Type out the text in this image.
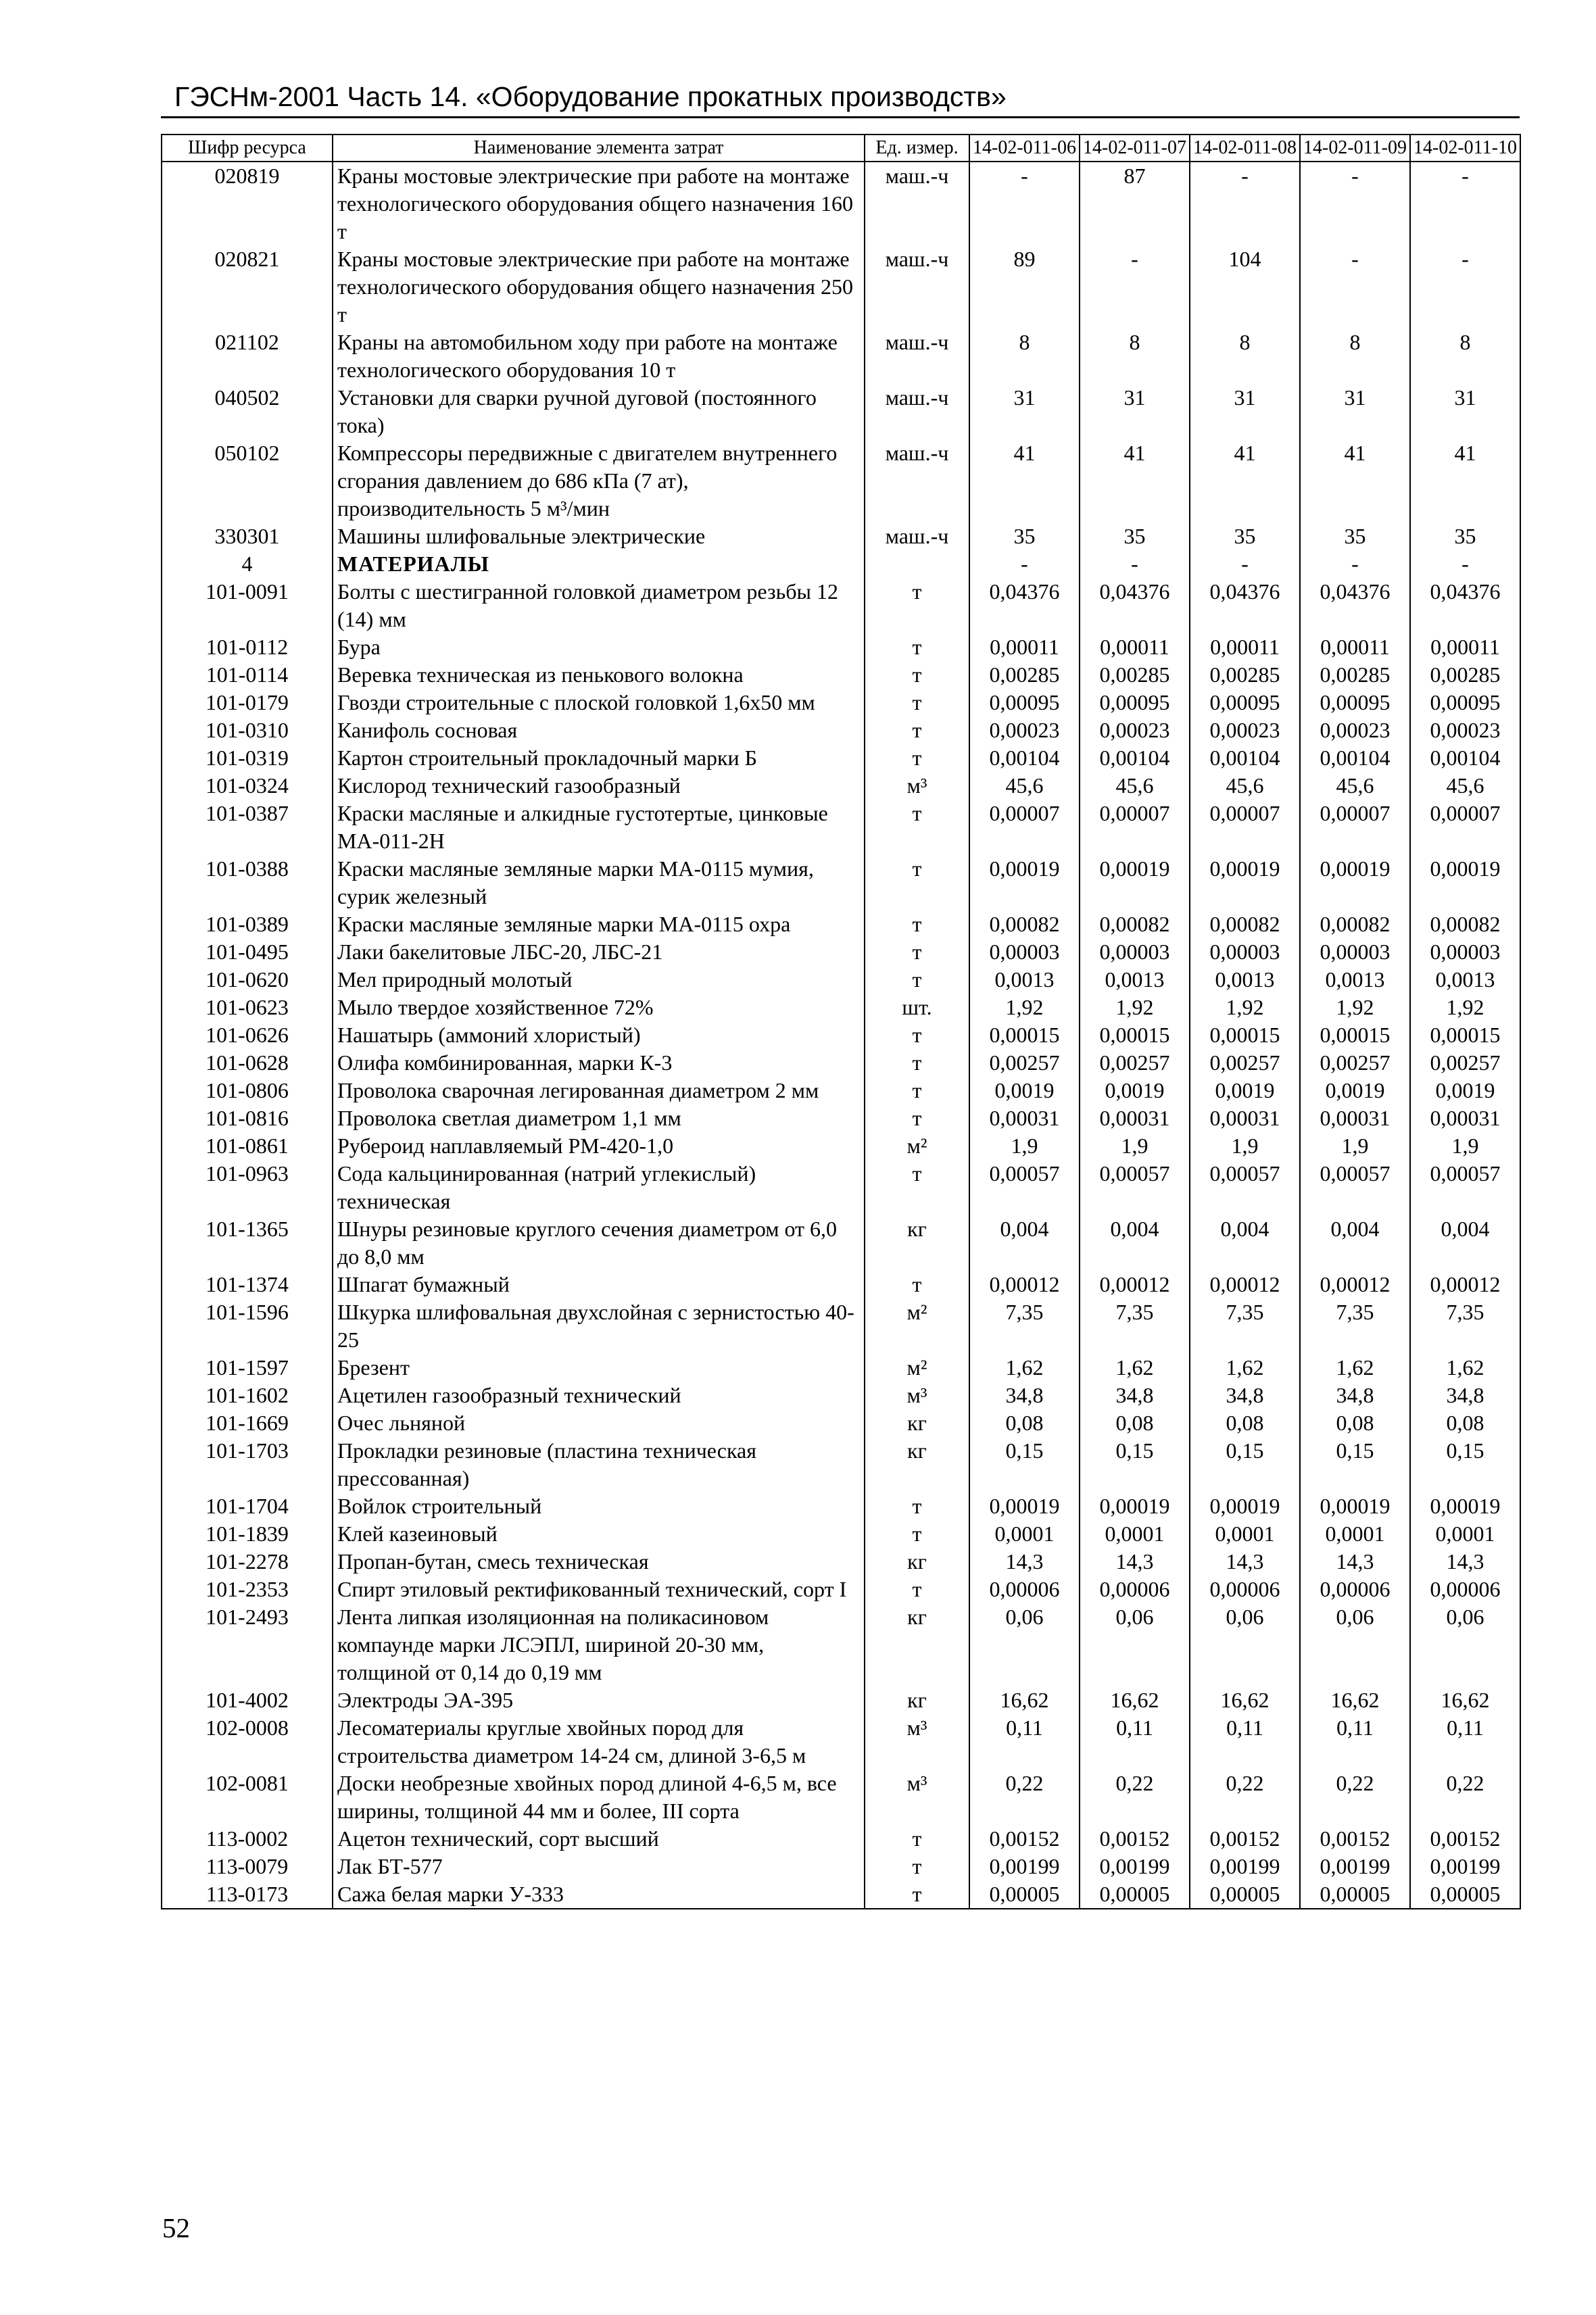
ГЭСНм-2001 Часть 14. «Оборудование прокатных производств»
Шифр ресурса	Наименование элемента затрат	Ед. измер.	14-02-011-06	14-02-011-07	14-02-011-08	14-02-011-09	14-02-011-10
020819	Краны мостовые электрические при работе на монтаже технологического оборудования общего назначения 160 т	маш.-ч	-	87	-	-	-
020821	Краны мостовые электрические при работе на монтаже технологического оборудования общего назначения 250 т	маш.-ч	89	-	104	-	-
021102	Краны на автомобильном ходу при работе на монтаже технологического оборудования 10 т	маш.-ч	8	8	8	8	8
040502	Установки для сварки ручной дуговой (постоянного тока)	маш.-ч	31	31	31	31	31
050102	Компрессоры передвижные с двигателем внутреннего сгорания давлением до 686 кПа (7 ат), производительность 5 м³/мин	маш.-ч	41	41	41	41	41
330301	Машины шлифовальные электрические	маш.-ч	35	35	35	35	35
4	МАТЕРИАЛЫ		-	-	-	-	-
101-0091	Болты с шестигранной головкой диаметром резьбы 12 (14) мм	т	0,04376	0,04376	0,04376	0,04376	0,04376
101-0112	Бура	т	0,00011	0,00011	0,00011	0,00011	0,00011
101-0114	Веревка техническая из пенькового волокна	т	0,00285	0,00285	0,00285	0,00285	0,00285
101-0179	Гвозди строительные с плоской головкой 1,6х50 мм	т	0,00095	0,00095	0,00095	0,00095	0,00095
101-0310	Канифоль сосновая	т	0,00023	0,00023	0,00023	0,00023	0,00023
101-0319	Картон строительный прокладочный марки Б	т	0,00104	0,00104	0,00104	0,00104	0,00104
101-0324	Кислород технический газообразный	м³	45,6	45,6	45,6	45,6	45,6
101-0387	Краски масляные и алкидные густотертые, цинковые МА-011-2Н	т	0,00007	0,00007	0,00007	0,00007	0,00007
101-0388	Краски масляные земляные марки МА-0115 мумия, сурик железный	т	0,00019	0,00019	0,00019	0,00019	0,00019
101-0389	Краски масляные земляные марки МА-0115 охра	т	0,00082	0,00082	0,00082	0,00082	0,00082
101-0495	Лаки бакелитовые ЛБС-20, ЛБС-21	т	0,00003	0,00003	0,00003	0,00003	0,00003
101-0620	Мел природный молотый	т	0,0013	0,0013	0,0013	0,0013	0,0013
101-0623	Мыло твердое хозяйственное 72%	шт.	1,92	1,92	1,92	1,92	1,92
101-0626	Нашатырь (аммоний хлористый)	т	0,00015	0,00015	0,00015	0,00015	0,00015
101-0628	Олифа комбинированная, марки К-3	т	0,00257	0,00257	0,00257	0,00257	0,00257
101-0806	Проволока сварочная легированная диаметром 2 мм	т	0,0019	0,0019	0,0019	0,0019	0,0019
101-0816	Проволока светлая диаметром 1,1 мм	т	0,00031	0,00031	0,00031	0,00031	0,00031
101-0861	Рубероид наплавляемый РМ-420-1,0	м²	1,9	1,9	1,9	1,9	1,9
101-0963	Сода кальцинированная (натрий углекислый) техническая	т	0,00057	0,00057	0,00057	0,00057	0,00057
101-1365	Шнуры резиновые круглого сечения диаметром от 6,0 до 8,0 мм	кг	0,004	0,004	0,004	0,004	0,004
101-1374	Шпагат бумажный	т	0,00012	0,00012	0,00012	0,00012	0,00012
101-1596	Шкурка шлифовальная двухслойная с зернистостью 40-25	м²	7,35	7,35	7,35	7,35	7,35
101-1597	Брезент	м²	1,62	1,62	1,62	1,62	1,62
101-1602	Ацетилен газообразный технический	м³	34,8	34,8	34,8	34,8	34,8
101-1669	Очес льняной	кг	0,08	0,08	0,08	0,08	0,08
101-1703	Прокладки резиновые (пластина техническая прессованная)	кг	0,15	0,15	0,15	0,15	0,15
101-1704	Войлок строительный	т	0,00019	0,00019	0,00019	0,00019	0,00019
101-1839	Клей казеиновый	т	0,0001	0,0001	0,0001	0,0001	0,0001
101-2278	Пропан-бутан, смесь техническая	кг	14,3	14,3	14,3	14,3	14,3
101-2353	Спирт этиловый ректификованный технический, сорт I	т	0,00006	0,00006	0,00006	0,00006	0,00006
101-2493	Лента липкая изоляционная на поликасиновом компаунде марки ЛСЭПЛ, шириной 20-30 мм, толщиной от 0,14 до 0,19 мм	кг	0,06	0,06	0,06	0,06	0,06
101-4002	Электроды ЭА-395	кг	16,62	16,62	16,62	16,62	16,62
102-0008	Лесоматериалы круглые хвойных пород для строительства диаметром 14-24 см, длиной 3-6,5 м	м³	0,11	0,11	0,11	0,11	0,11
102-0081	Доски необрезные хвойных пород длиной 4-6,5 м, все ширины, толщиной 44 мм и более, III сорта	м³	0,22	0,22	0,22	0,22	0,22
113-0002	Ацетон технический, сорт высший	т	0,00152	0,00152	0,00152	0,00152	0,00152
113-0079	Лак БТ-577	т	0,00199	0,00199	0,00199	0,00199	0,00199
113-0173	Сажа белая марки У-333	т	0,00005	0,00005	0,00005	0,00005	0,00005
52
